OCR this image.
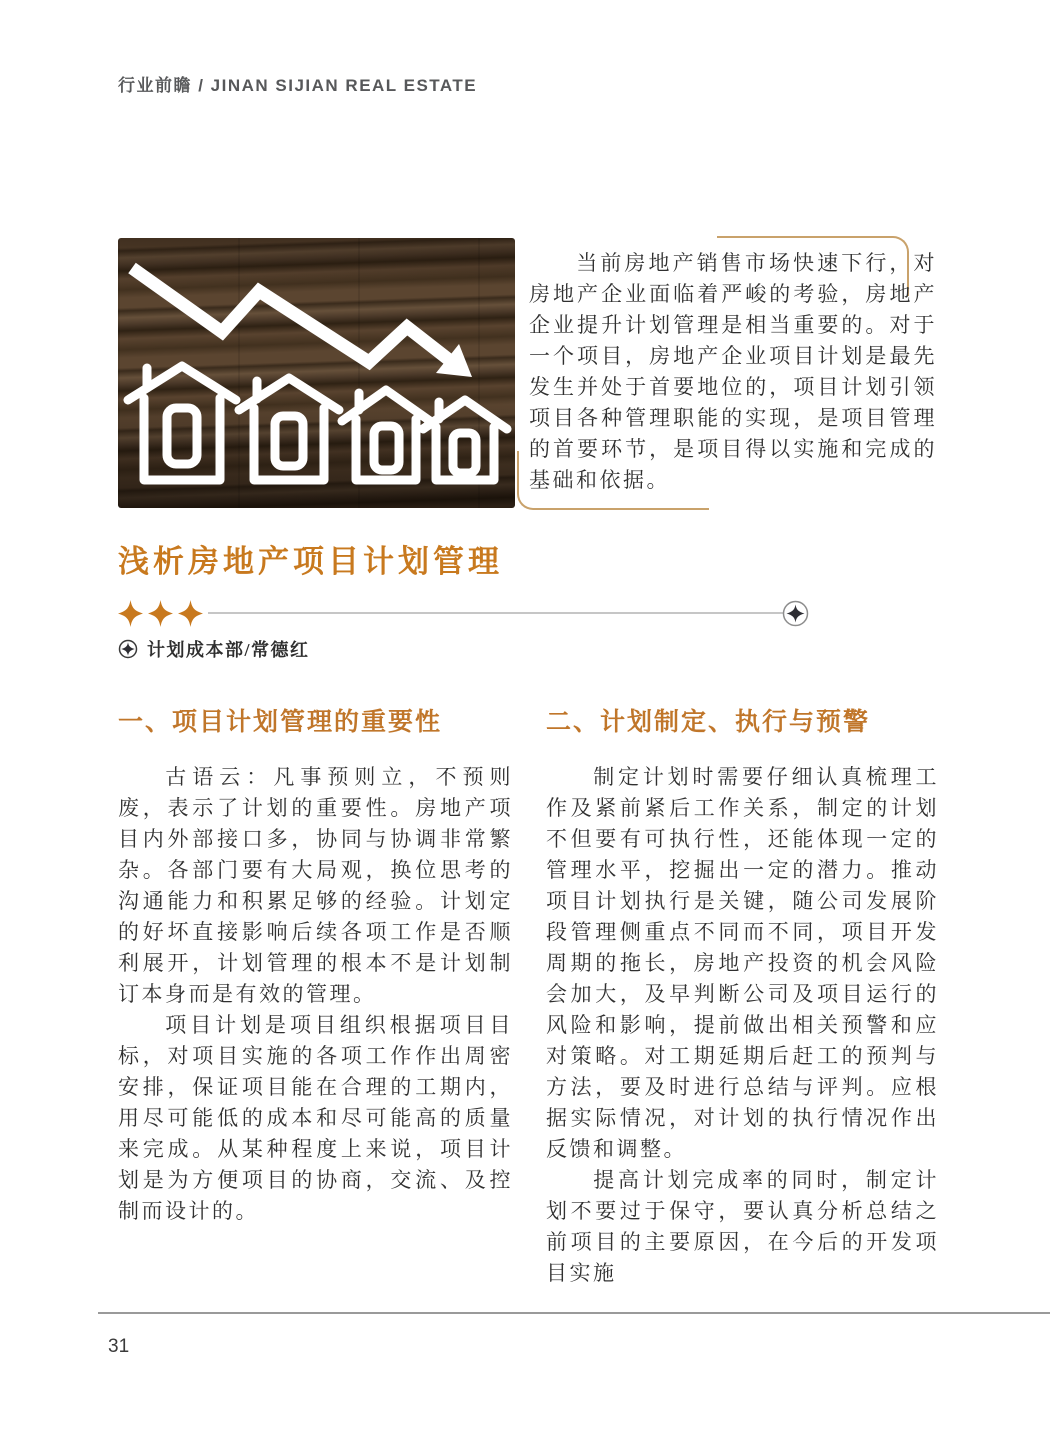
行业前瞻 / JINAN SIJIAN REAL ESTATE

当前房地产销售市场快速下行，对房地产企业面临着严峻的考验，房地产企业提升计划管理是相当重要的。对于一个项目，房地产企业项目计划是最先发生并处于首要地位的，项目计划引领项目各种管理职能的实现，是项目管理的首要环节，是项目得以实施和完成的基础和依据。

浅析房地产项目计划管理
计划成本部/常德红
一、项目计划管理的重要性

古语云：凡事预则立，不预则废，表示了计划的重要性。房地产项目内外部接口多，协同与协调非常繁杂。各部门要有大局观，换位思考的沟通能力和积累足够的经验。计划定的好坏直接影响后续各项工作是否顺利展开，计划管理的根本不是计划制订本身而是有效的管理。

项目计划是项目组织根据项目目标，对项目实施的各项工作作出周密安排，保证项目能在合理的工期内，用尽可能低的成本和尽可能高的质量来完成。从某种程度上来说，项目计划是为方便项目的协商，交流、及控制而设计的。

二、计划制定、执行与预警

制定计划时需要仔细认真梳理工作及紧前紧后工作关系，制定的计划不但要有可执行性，还能体现一定的管理水平，挖掘出一定的潜力。推动项目计划执行是关键，随公司发展阶段管理侧重点不同而不同，项目开发周期的拖长，房地产投资的机会风险会加大，及早判断公司及项目运行的风险和影响，提前做出相关预警和应对策略。对工期延期后赶工的预判与方法，要及时进行总结与评判。应根据实际情况，对计划的执行情况作出反馈和调整。

提高计划完成率的同时，制定计划不要过于保守，要认真分析总结之前项目的主要原因，在今后的开发项目实施

31
